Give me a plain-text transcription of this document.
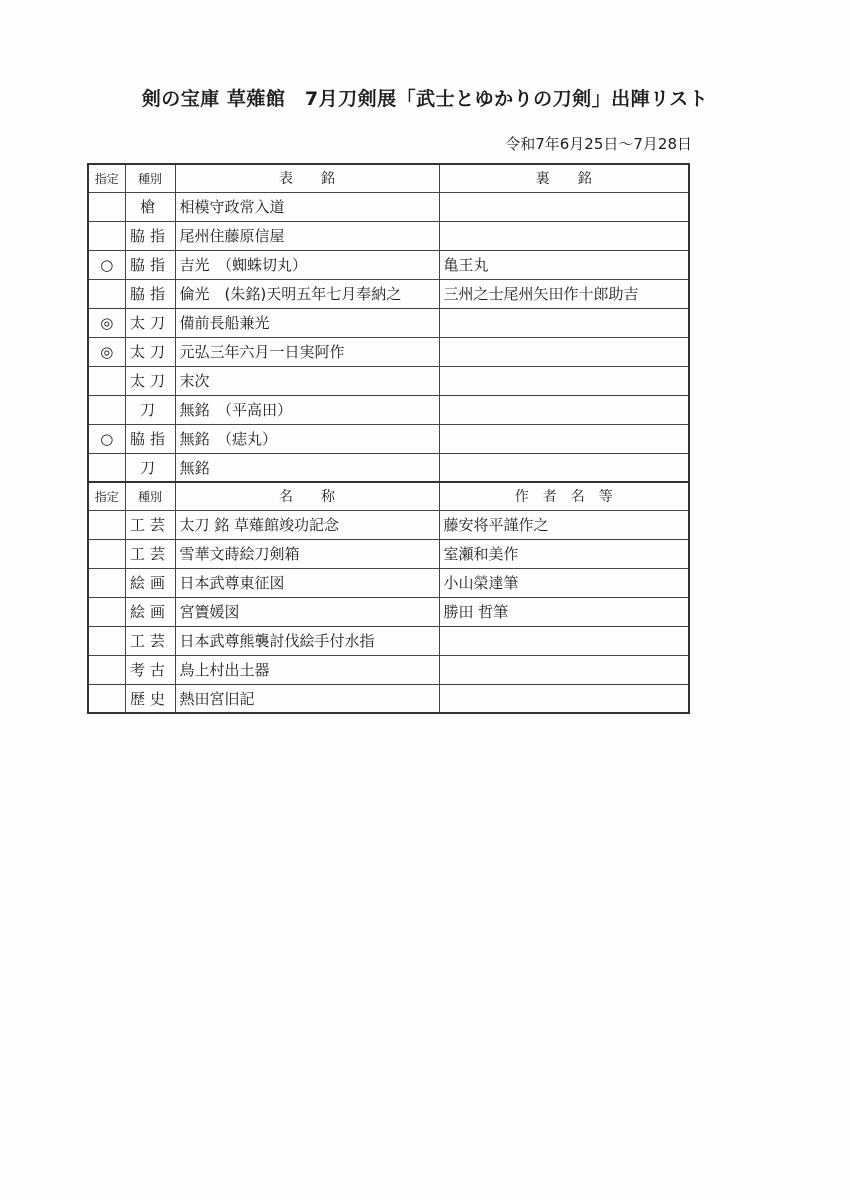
剣の宝庫 草薙館　7月刀剣展「武士とゆかりの刀剣」出陣リスト
令和7年6月25日～7月28日
指定	種別	表　　銘	裏　　銘
	槍	相模守政常入道	
	脇指	尾州住藤原信屋	
○	脇指	吉光　（蜘蛛切丸）	亀王丸
	脇指	倫光　(朱銘)天明五年七月奉納之	三州之士尾州矢田作十郎助吉
◎	太刀	備前長船兼光	
◎	太刀	元弘三年六月一日実阿作	
	太刀	末次	
	刀	無銘　（平高田）	
○	脇指	無銘　（痣丸）	
	刀	無銘	
指定	種別	名　　称	作　者　名　等
	工芸	太刀 銘 草薙館竣功記念	藤安将平謹作之
	工芸	雪華文蒔絵刀剣箱	室瀬和美作
	絵画	日本武尊東征図	小山榮達筆
	絵画	宮簀媛図	勝田 哲筆
	工芸	日本武尊熊襲討伐絵手付水指	
	考古	鳥上村出土器	
	歴史	熱田宮旧記	
